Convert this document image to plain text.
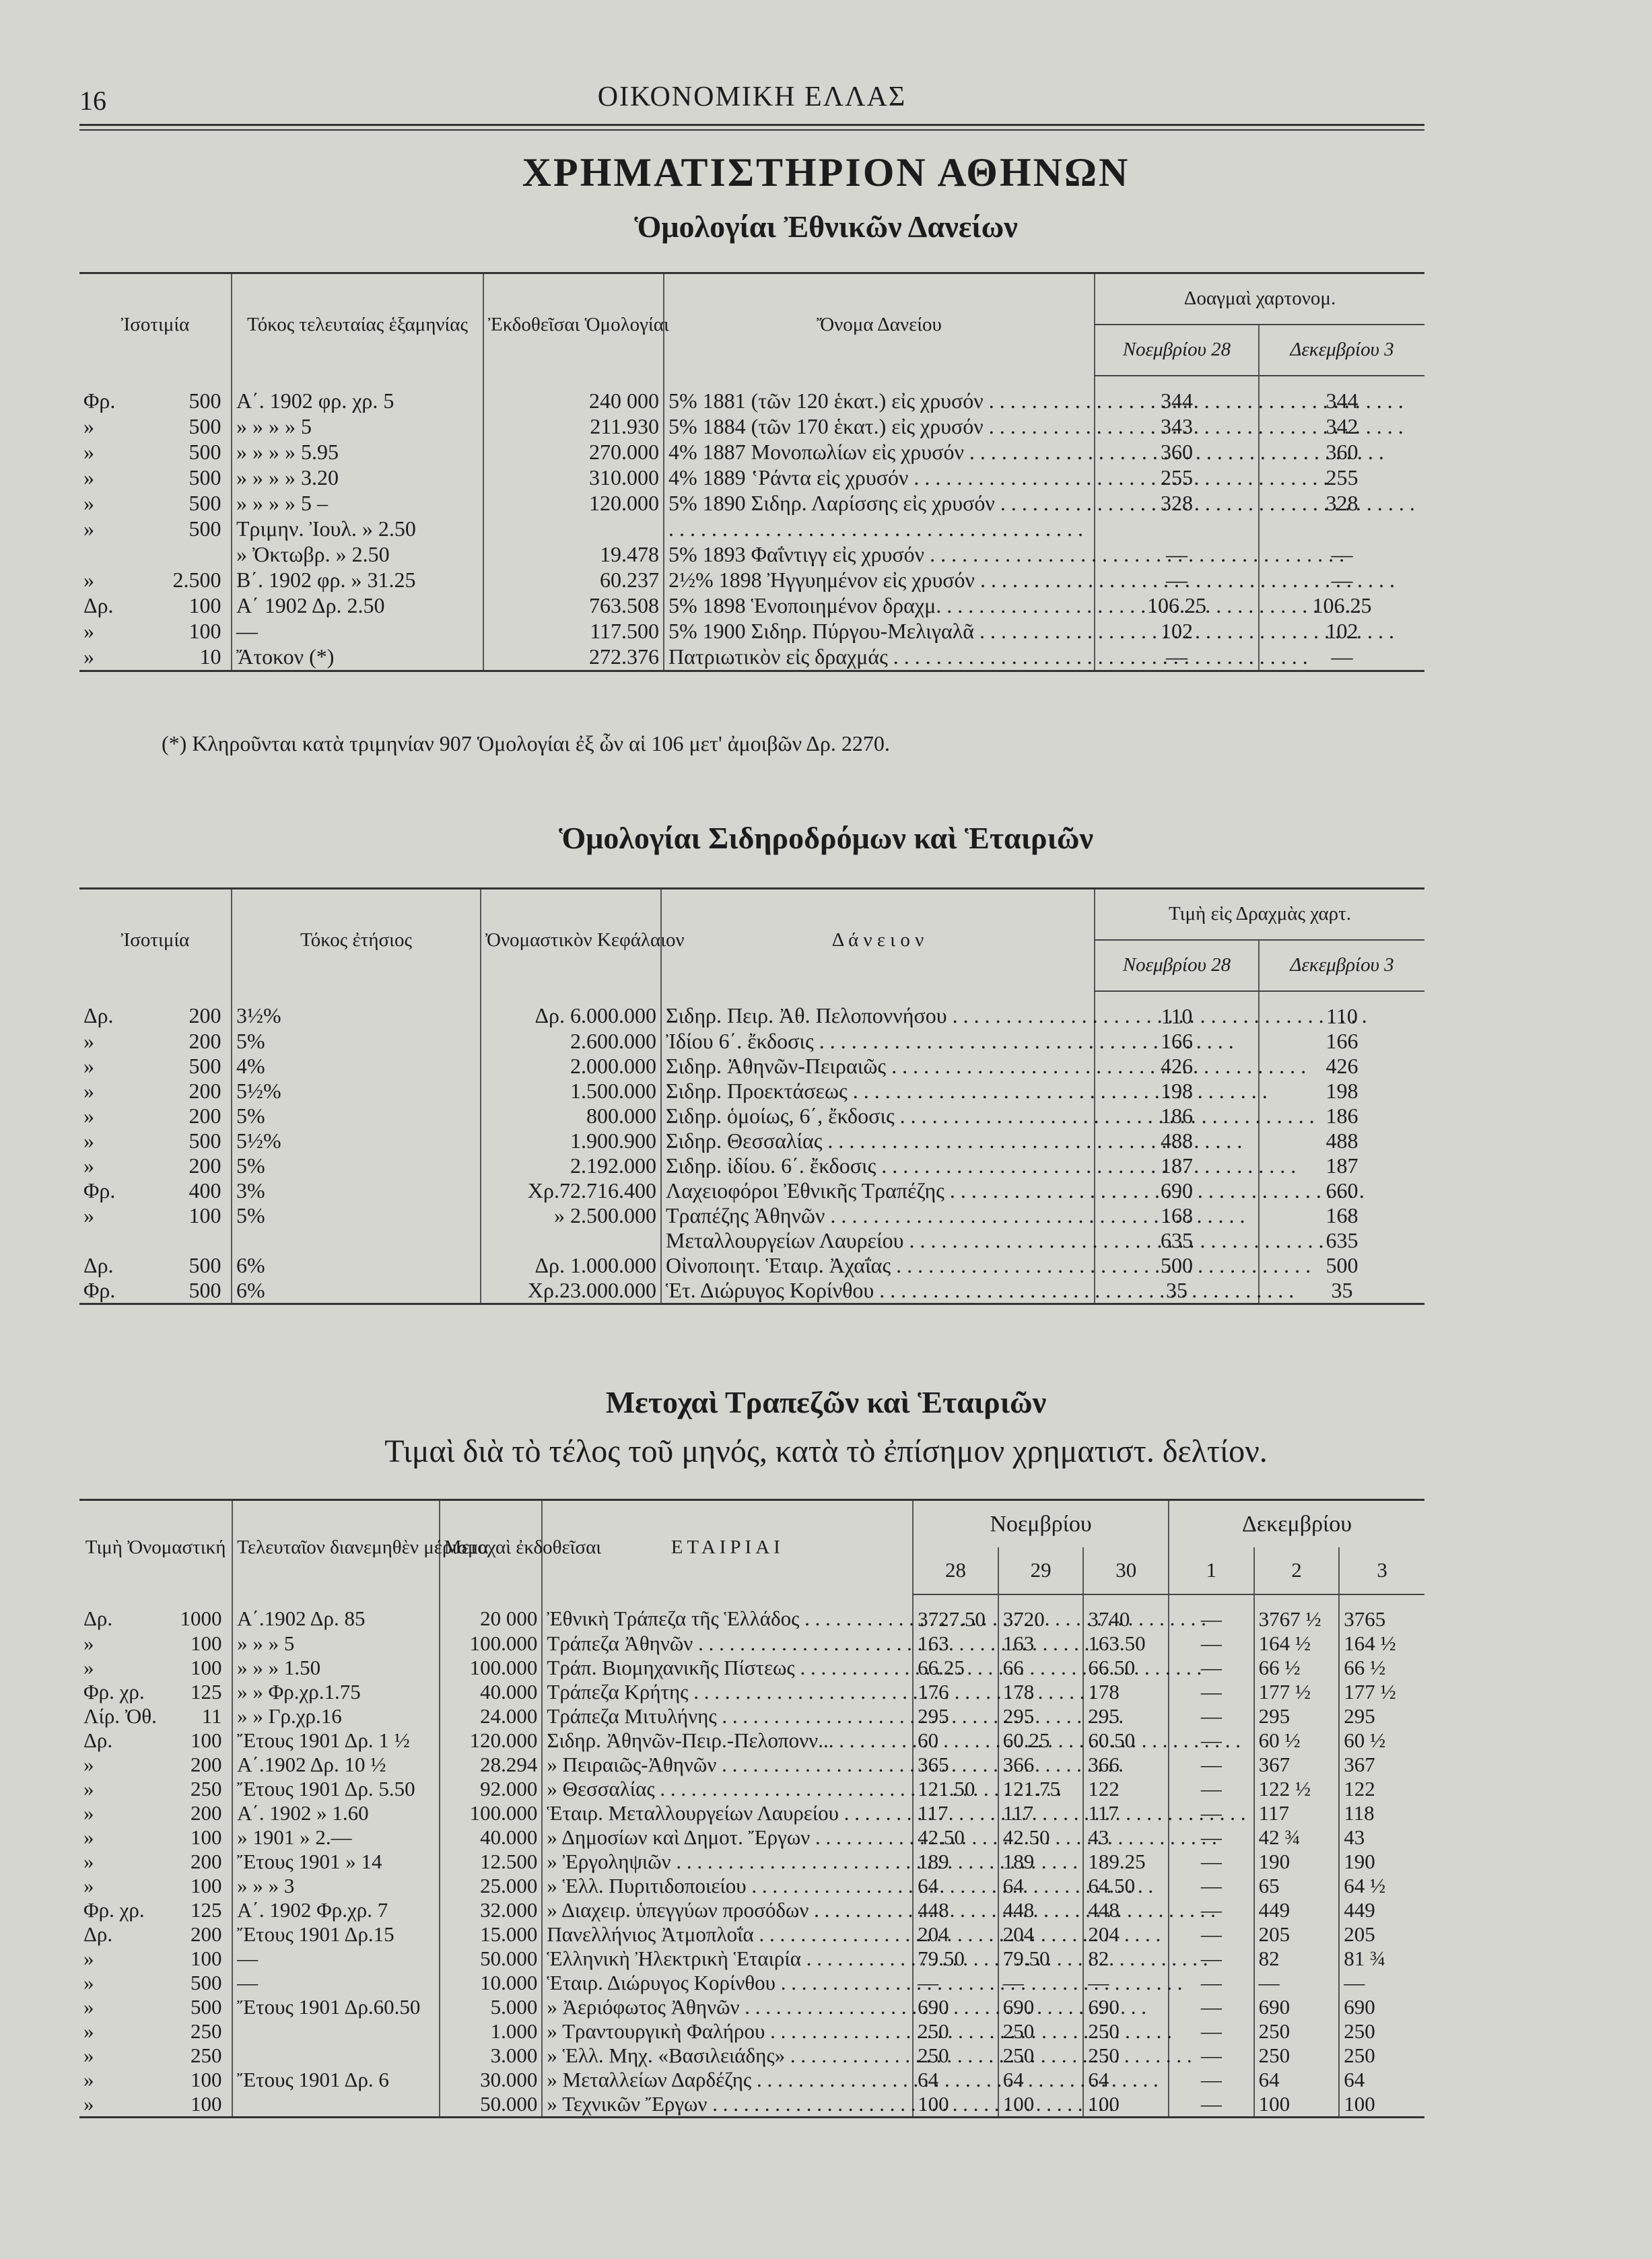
16	ΟΙΚΟΝΟΜΙΚΗ ΕΛΛΑΣ
ΧΡΗΜΑΤΙΣΤΗΡΙΟΝ ΑΘΗΝΩΝ
Ὁμολογίαι Ἐθνικῶν Δανείων
Ἰσοτιμία	Τόκος τελευταίας ἑξαμηνίας	Ἐκδοθεῖσαι Ὁμολογίαι	Ὄνομα Δανείου	Δοαγμαὶ χαρτονομ.	
				Νοεμβρίου 28	Δεκεμβρίου 3
Φρ. 500	Α΄. 1902 φρ. χρ. 5	240 000	5% 1881 (τῶν 120 ἑκατ.) εἰς χρυσόν . . .	344	344
» 500	» » » » 5	211.930	5% 1884 (τῶν 170 ἑκατ.) εἰς χρυσόν . . .	343	342
» 500	» » » » 5.95	270.000	4% 1887 Μονοπωλίων εἰς χρυσόν . . .	360	360
» 500	» » » » 3.20	310.000	4% 1889 ʽΡάντα εἰς χρυσόν . . .	255	255
» 500	» » » » 5 –	120.000	5% 1890 Σιδηρ. Λαρίσσης εἰς χρυσόν . . .	328	328
» 500	Τριμην. Ἰουλ. » 2.50		. . .		
	» Ὀκτωβρ. » 2.50	19.478	5% 1893 Φαΐντιγγ εἰς χρυσόν . . .	—	—
» 2.500	Β΄. 1902 φρ. » 31.25	60.237	2½% 1898 Ἠγγυημένον εἰς χρυσόν . . .	—	—
Δρ. 100	Α΄ 1902 Δρ. 2.50	763.508	5% 1898 Ἑνοποιημένον δραχμ. . . .	106.25	106.25
» 100	—	117.500	5% 1900 Σιδηρ. Πύργου-Μελιγαλᾶ . . .	102	102
» 10	Ἄτοκον (*)	272.376	Πατριωτικὸν εἰς δραχμάς . . .	—	—
(*) Κληροῦνται κατὰ τριμηνίαν 907 Ὁμολογίαι ἐξ ὧν αἱ 106 μετ' ἀμοιβῶν Δρ. 2270.
Ὁμολογίαι Σιδηροδρόμων καὶ Ἑταιριῶν
Ἰσοτιμία	Τόκος ἐτήσιος	Ὀνομαστικὸν Κεφάλαιον	Δ ά ν ε ι ο ν	Τιμὴ εἰς Δραχμὰς χαρτ.	
				Νοεμβρίου 28	Δεκεμβρίου 3
Δρ. 200	3½%	Δρ. 6.000.000	Σιδηρ. Πειρ. Ἀθ. Πελοποννήσου . . .	110	110
» 200	5%	2.600.000	Ἰδίου 6΄. ἔκδοσις . . .	166	166
» 500	4%	2.000.000	Σιδηρ. Ἀθηνῶν-Πειραιῶς . . .	426	426
» 200	5½%	1.500.000	Σιδηρ. Προεκτάσεως . . .	198	198
» 200	5%	800.000	Σιδηρ. ὁμοίως, 6΄, ἔκδοσις . . .	186	186
» 500	5½%	1.900.900	Σιδηρ. Θεσσαλίας . . .	488	488
» 200	5%	2.192.000	Σιδηρ. ἰδίου. 6΄. ἔκδοσις . . .	187	187
Φρ. 400	3%	Χρ.72.716.400	Λαχειοφόροι Ἐθνικῆς Τραπέζης . . .	690	660
» 100	5%	» 2.500.000	Τραπέζης Ἀθηνῶν . . .	168	168
			Μεταλλουργείων Λαυρείου . . .	635	635
Δρ. 500	6%	Δρ. 1.000.000	Οἰνοποιητ. Ἑταιρ. Ἀχαΐας . . .	500	500
Φρ. 500	6%	Χρ.23.000.000	Ἑτ. Διώρυγος Κορίνθου . . .	35	35
Μετοχαὶ Τραπεζῶν καὶ Ἑταιριῶν
Τιμαὶ διὰ τὸ τέλος τοῦ μηνός, κατὰ τὸ ἐπίσημον χρηματιστ. δελτίον.
Τιμὴ Ὀνομαστική	Τελευταῖον διανεμηθὲν μέρισμα	Μετοχαὶ ἐκδοθεῖσαι	ΕΤΑΙΡΙΑΙ	Νοεμβρίου			Δεκεμβρίου		
				28	29	30	1	2	3
Δρ. 1000	Α΄.1902 Δρ. 85	20 000	Ἐθνικὴ Τράπεζα τῆς Ἑλλάδος . . .	3727.50	3720	3740	—	3767 ½	3765
» 100	» » » 5	100.000	Τράπεζα Ἀθηνῶν . . .	163	163	163.50	—	164 ½	164 ½
» 100	» » » 1.50	100.000	Τράπ. Βιομηχανικῆς Πίστεως . . .	66.25	66	66.50	—	66 ½	66 ½
Φρ. χρ. 125	» » Φρ.χρ.1.75	40.000	Τράπεζα Κρήτης . . .	176	178	178	—	177 ½	177 ½
Λίρ. Ὀθ. 11	» » Γρ.χρ.16	24.000	Τράπεζα Μιτυλήνης . . .	295	295	295	—	295	295
Δρ. 100	Ἔτους 1901 Δρ. 1 ½	120.000	Σιδηρ. Ἀθηνῶν-Πειρ.-Πελοπονν... . . .	60	60.25	60.50	—	60 ½	60 ½
» 200	Α΄.1902 Δρ. 10 ½	28.294	» Πειραιῶς-Ἀθηνῶν . . .	365	366	366	—	367	367
» 250	Ἔτους 1901 Δρ. 5.50	92.000	» Θεσσαλίας . . .	121.50	121.75	122	—	122 ½	122
» 200	Α΄. 1902 » 1.60	100.000	Ἑταιρ. Μεταλλουργείων Λαυρείου . . .	117	117	117	—	117	118
» 100	» 1901 » 2.—	40.000	» Δημοσίων καὶ Δημοτ. Ἔργων . . .	42.50	42.50	43	—	42 ¾	43
» 200	Ἔτους 1901 » 14	12.500	» Ἐργοληψιῶν . . .	189	189	189.25	—	190	190
» 100	» » » 3	25.000	» Ἑλλ. Πυριτιδοποιείου . . .	64	64	64.50	—	65	64 ½
Φρ. χρ. 125	Α΄. 1902 Φρ.χρ. 7	32.000	» Διαχειρ. ὑπεγγύων προσόδων . . .	448	448	448	—	449	449
Δρ. 200	Ἔτους 1901 Δρ.15	15.000	Πανελλήνιος Ἀτμοπλοΐα . . .	204	204	204	—	205	205
» 100	—	50.000	Ἑλληνικὴ Ἠλεκτρικὴ Ἑταιρία . . .	79.50	79.50	82	—	82	81 ¾
» 500	—	10.000	Ἑταιρ. Διώρυγος Κορίνθου . . .	—	—	—	—	—	—
» 500	Ἔτους 1901 Δρ.60.50	5.000	» Ἀεριόφωτος Ἀθηνῶν . . .	690	690	690	—	690	690
» 250		1.000	» Τραντουργικὴ Φαλήρου . . .	250	250	250	—	250	250
» 250		3.000	» Ἑλλ. Μηχ. «Βασιλειάδης» . . .	250	250	250	—	250	250
» 100	Ἔτους 1901 Δρ. 6	30.000	» Μεταλλείων Δαρδέζης . . .	64	64	64	—	64	64
» 100		50.000	» Τεχνικῶν Ἔργων . . .	100	100	100	—	100	100
